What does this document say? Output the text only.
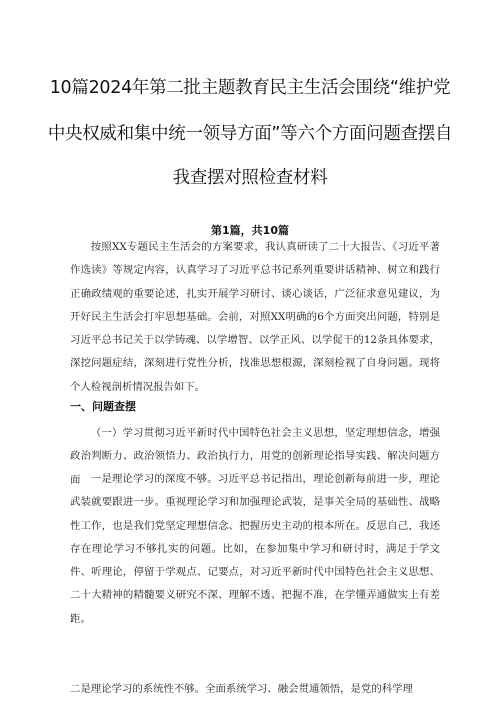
10篇2024年第二批主题教育民主生活会围绕“维护党
中央权威和集中统一领导方面”等六个方面问题查摆自
我查摆对照检查材料
第1篇，共10篇
按照XX专题民主生活会的方案要求，我认真研读了二十大报告、《习近平著作选读》等规定内容，认真学习了习近平总书记系列重要讲话精神、树立和践行正确政绩观的重要论述，扎实开展学习研讨、谈心谈话，广泛征求意见建议，为开好民主生活会打牢思想基础。会前，对照XX明确的6个方面突出问题，特别是习近平总书记关于以学铸魂、以学增智、以学正风、以学促干的12条具体要求，深挖问题症结，深刻进行党性分析，找准思想根源，深刻检视了自身问题。现将个人检视剖析情况报告如下。
一、问题查摆
（一）学习贯彻习近平新时代中国特色社会主义思想，坚定理想信念，增强政治判断力、政治领悟力、政治执行力，用党的创新理论指导实践、解决问题方面	一是理论学习的深度不够。习近平总书记指出，理论创新每前进一步，理论武装就要跟进一步。重视理论学习和加强理论武装，是事关全局的基础性、战略性工作，也是我们党坚定理想信念、把握历史主动的根本所在。反思自己，我还存在理论学习不够扎实的问题。比如，在参加集中学习和研讨时，满足于学文件、听理论，停留于学观点、记要点，对习近平新时代中国特色社会主义思想、二十大精神的精髓要义研究不深、理解不透、把握不准，在学懂弄通做实上有差距。
二是理论学习的系统性不够。全面系统学习、融会贯通领悟，是党的科学理
